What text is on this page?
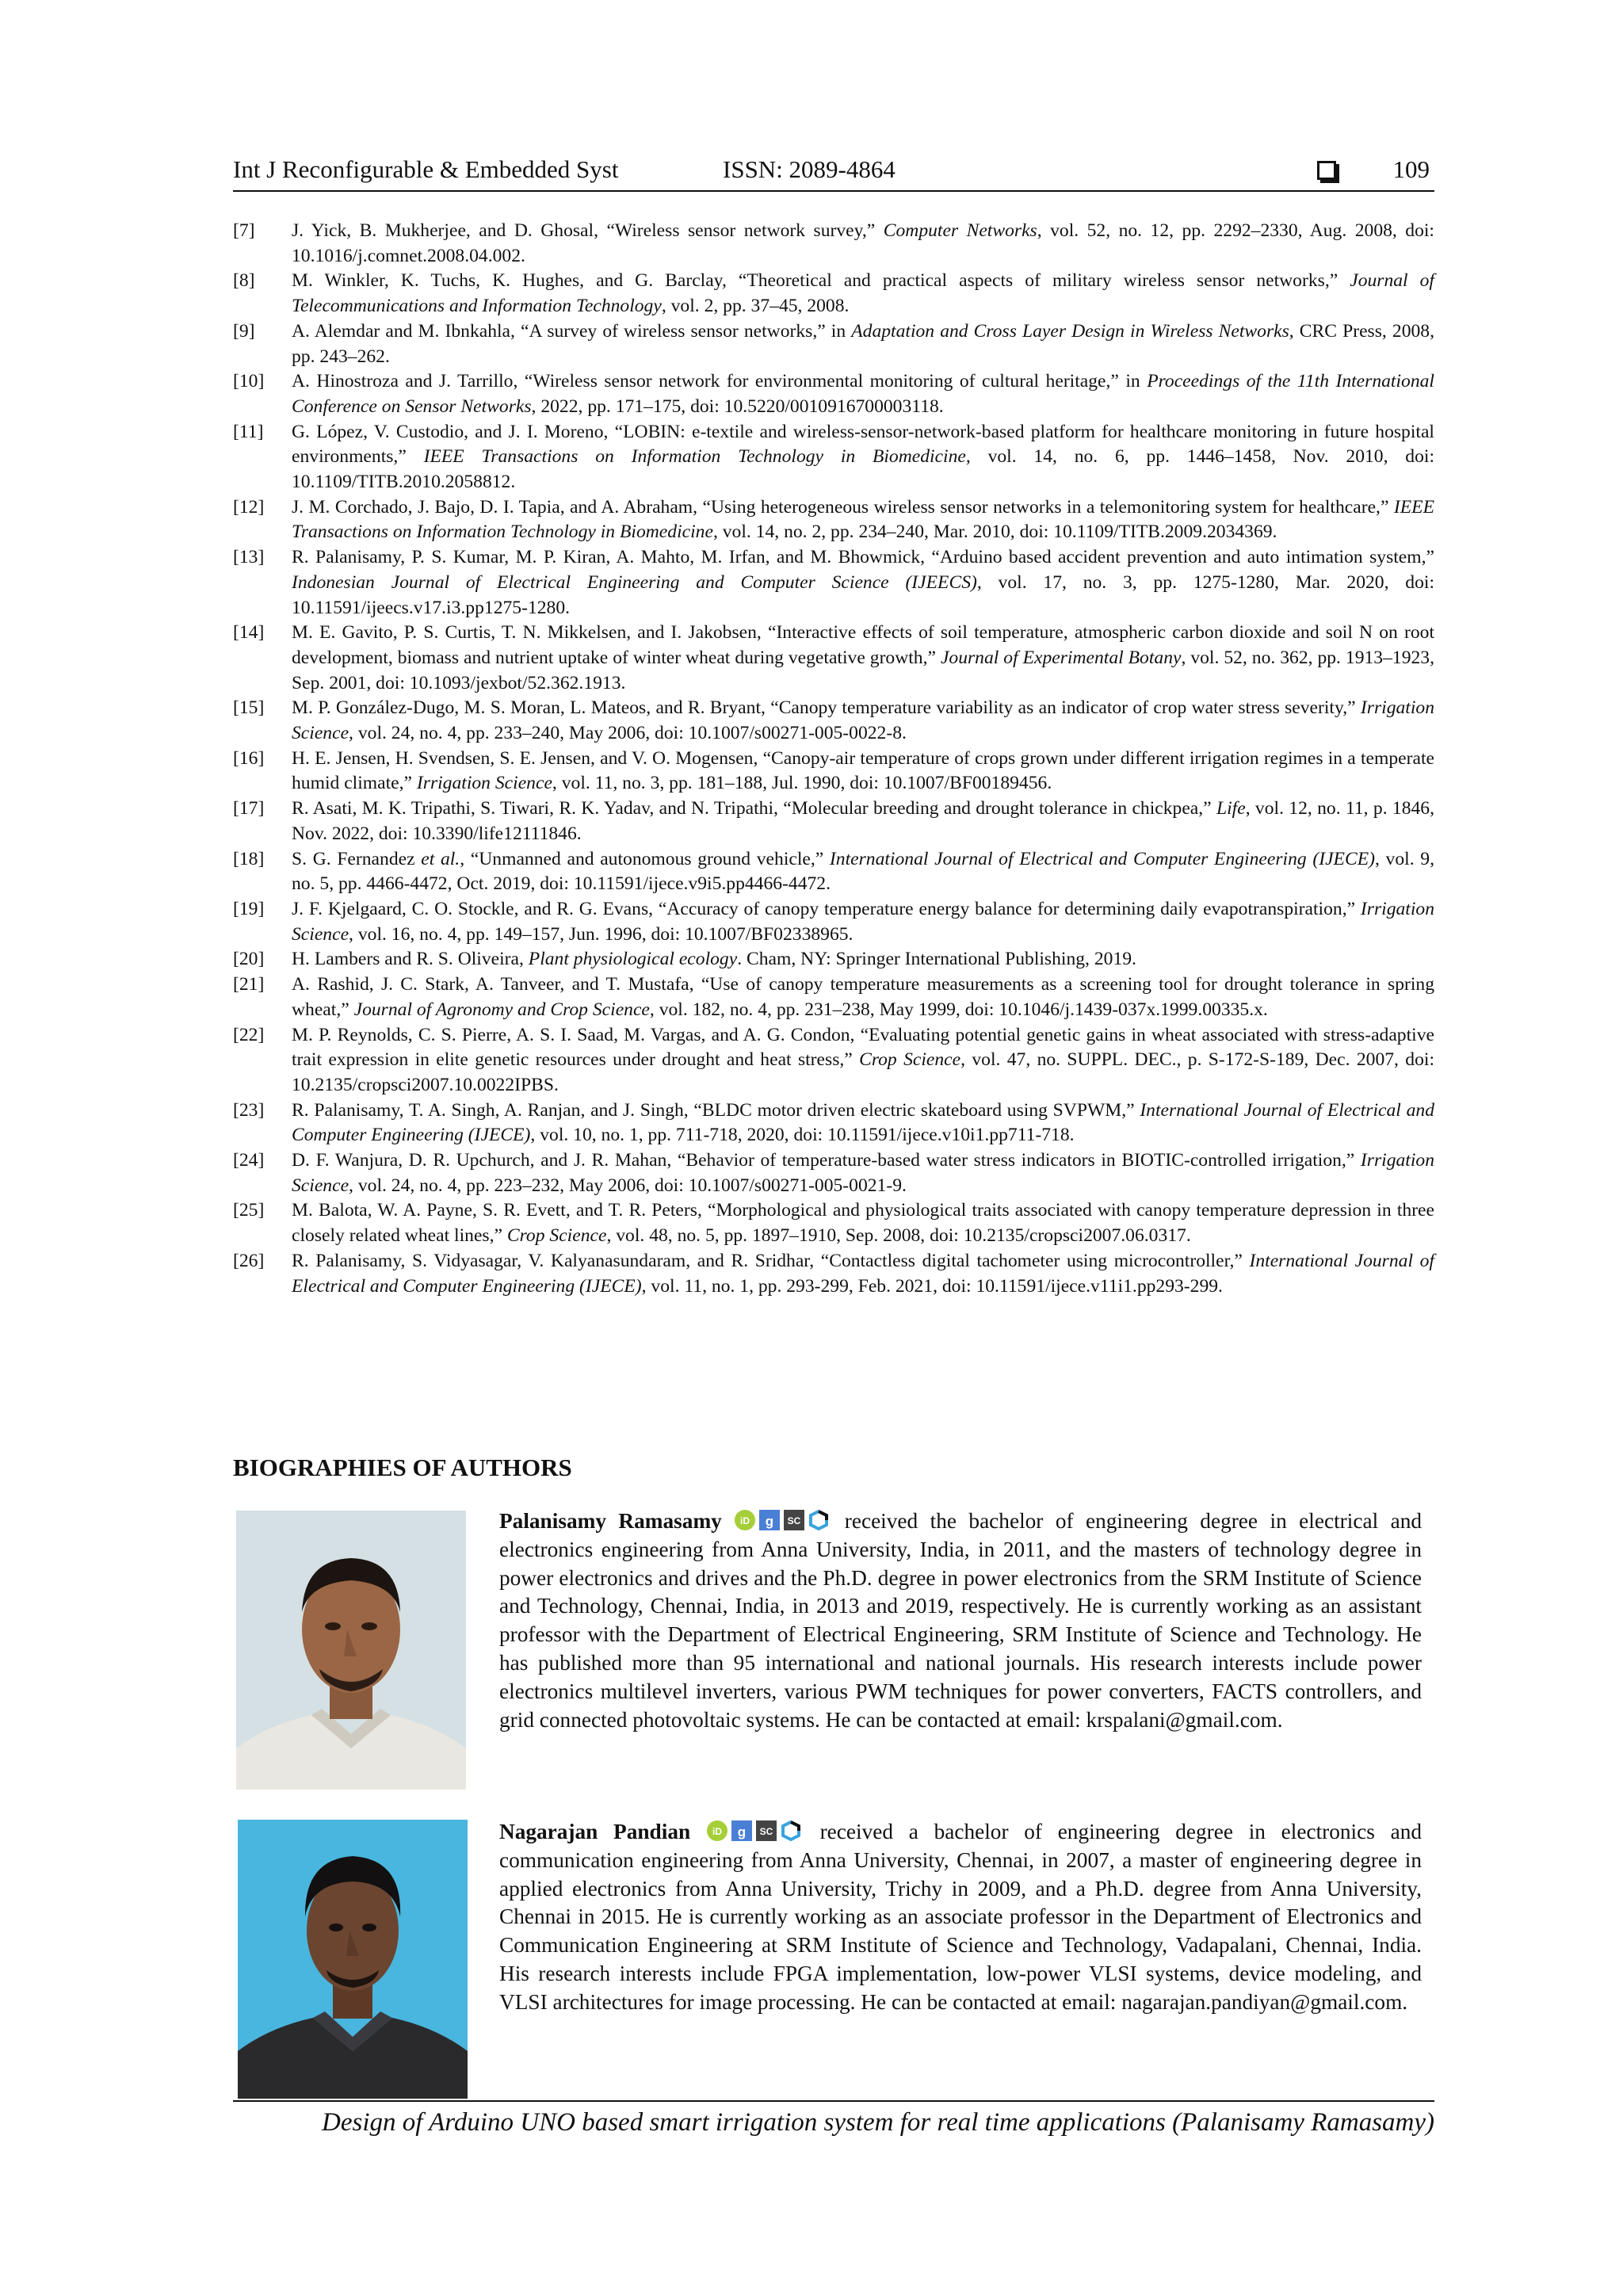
Int J Reconfigurable & Embedded Syst	ISSN: 2089-4864	109

[7] J. Yick, B. Mukherjee, and D. Ghosal, “Wireless sensor network survey,” Computer Networks, vol. 52, no. 12, pp. 2292–2330, Aug. 2008, doi: 10.1016/j.comnet.2008.04.002.

[8] M. Winkler, K. Tuchs, K. Hughes, and G. Barclay, “Theoretical and practical aspects of military wireless sensor networks,” Journal of Telecommunications and Information Technology, vol. 2, pp. 37–45, 2008.

[9] A. Alemdar and M. Ibnkahla, “A survey of wireless sensor networks,” in Adaptation and Cross Layer Design in Wireless Networks, CRC Press, 2008, pp. 243–262.

[10] A. Hinostroza and J. Tarrillo, “Wireless sensor network for environmental monitoring of cultural heritage,” in Proceedings of the 11th International Conference on Sensor Networks, 2022, pp. 171–175, doi: 10.5220/0010916700003118.

[11] G. López, V. Custodio, and J. I. Moreno, “LOBIN: e-textile and wireless-sensor-network-based platform for healthcare monitoring in future hospital environments,” IEEE Transactions on Information Technology in Biomedicine, vol. 14, no. 6, pp. 1446–1458, Nov. 2010, doi: 10.1109/TITB.2010.2058812.

[12] J. M. Corchado, J. Bajo, D. I. Tapia, and A. Abraham, “Using heterogeneous wireless sensor networks in a telemonitoring system for healthcare,” IEEE Transactions on Information Technology in Biomedicine, vol. 14, no. 2, pp. 234–240, Mar. 2010, doi: 10.1109/TITB.2009.2034369.

[13] R. Palanisamy, P. S. Kumar, M. P. Kiran, A. Mahto, M. Irfan, and M. Bhowmick, “Arduino based accident prevention and auto intimation system,” Indonesian Journal of Electrical Engineering and Computer Science (IJEECS), vol. 17, no. 3, pp. 1275-1280, Mar. 2020, doi: 10.11591/ijeecs.v17.i3.pp1275-1280.

[14] M. E. Gavito, P. S. Curtis, T. N. Mikkelsen, and I. Jakobsen, “Interactive effects of soil temperature, atmospheric carbon dioxide and soil N on root development, biomass and nutrient uptake of winter wheat during vegetative growth,” Journal of Experimental Botany, vol. 52, no. 362, pp. 1913–1923, Sep. 2001, doi: 10.1093/jexbot/52.362.1913.

[15] M. P. González-Dugo, M. S. Moran, L. Mateos, and R. Bryant, “Canopy temperature variability as an indicator of crop water stress severity,” Irrigation Science, vol. 24, no. 4, pp. 233–240, May 2006, doi: 10.1007/s00271-005-0022-8.

[16] H. E. Jensen, H. Svendsen, S. E. Jensen, and V. O. Mogensen, “Canopy-air temperature of crops grown under different irrigation regimes in a temperate humid climate,” Irrigation Science, vol. 11, no. 3, pp. 181–188, Jul. 1990, doi: 10.1007/BF00189456.

[17] R. Asati, M. K. Tripathi, S. Tiwari, R. K. Yadav, and N. Tripathi, “Molecular breeding and drought tolerance in chickpea,” Life, vol. 12, no. 11, p. 1846, Nov. 2022, doi: 10.3390/life12111846.

[18] S. G. Fernandez et al., “Unmanned and autonomous ground vehicle,” International Journal of Electrical and Computer Engineering (IJECE), vol. 9, no. 5, pp. 4466-4472, Oct. 2019, doi: 10.11591/ijece.v9i5.pp4466-4472.

[19] J. F. Kjelgaard, C. O. Stockle, and R. G. Evans, “Accuracy of canopy temperature energy balance for determining daily evapotranspiration,” Irrigation Science, vol. 16, no. 4, pp. 149–157, Jun. 1996, doi: 10.1007/BF02338965.

[20] H. Lambers and R. S. Oliveira, Plant physiological ecology. Cham, NY: Springer International Publishing, 2019.

[21] A. Rashid, J. C. Stark, A. Tanveer, and T. Mustafa, “Use of canopy temperature measurements as a screening tool for drought tolerance in spring wheat,” Journal of Agronomy and Crop Science, vol. 182, no. 4, pp. 231–238, May 1999, doi: 10.1046/j.1439-037x.1999.00335.x.

[22] M. P. Reynolds, C. S. Pierre, A. S. I. Saad, M. Vargas, and A. G. Condon, “Evaluating potential genetic gains in wheat associated with stress-adaptive trait expression in elite genetic resources under drought and heat stress,” Crop Science, vol. 47, no. SUPPL. DEC., p. S-172-S-189, Dec. 2007, doi: 10.2135/cropsci2007.10.0022IPBS.

[23] R. Palanisamy, T. A. Singh, A. Ranjan, and J. Singh, “BLDC motor driven electric skateboard using SVPWM,” International Journal of Electrical and Computer Engineering (IJECE), vol. 10, no. 1, pp. 711-718, 2020, doi: 10.11591/ijece.v10i1.pp711-718.

[24] D. F. Wanjura, D. R. Upchurch, and J. R. Mahan, “Behavior of temperature-based water stress indicators in BIOTIC-controlled irrigation,” Irrigation Science, vol. 24, no. 4, pp. 223–232, May 2006, doi: 10.1007/s00271-005-0021-9.

[25] M. Balota, W. A. Payne, S. R. Evett, and T. R. Peters, “Morphological and physiological traits associated with canopy temperature depression in three closely related wheat lines,” Crop Science, vol. 48, no. 5, pp. 1897–1910, Sep. 2008, doi: 10.2135/cropsci2007.06.0317.

[26] R. Palanisamy, S. Vidyasagar, V. Kalyanasundaram, and R. Sridhar, “Contactless digital tachometer using microcontroller,” International Journal of Electrical and Computer Engineering (IJECE), vol. 11, no. 1, pp. 293-299, Feb. 2021, doi: 10.11591/ijece.v11i1.pp293-299.

BIOGRAPHIES OF AUTHORS
Palanisamy Ramasamy iD g SC received the bachelor of engineering degree in electrical and electronics engineering from Anna University, India, in 2011, and the masters of technology degree in power electronics and drives and the Ph.D. degree in power electronics from the SRM Institute of Science and Technology, Chennai, India, in 2013 and 2019, respectively. He is currently working as an assistant professor with the Department of Electrical Engineering, SRM Institute of Science and Technology. He has published more than 95 international and national journals. His research interests include power electronics multilevel inverters, various PWM techniques for power converters, FACTS controllers, and grid connected photovoltaic systems. He can be contacted at email: krspalani@gmail.com.
Nagarajan Pandian iD g SC received a bachelor of engineering degree in electronics and communication engineering from Anna University, Chennai, in 2007, a master of engineering degree in applied electronics from Anna University, Trichy in 2009, and a Ph.D. degree from Anna University, Chennai in 2015. He is currently working as an associate professor in the Department of Electronics and Communication Engineering at SRM Institute of Science and Technology, Vadapalani, Chennai, India. His research interests include FPGA implementation, low-power VLSI systems, device modeling, and VLSI architectures for image processing. He can be contacted at email: nagarajan.pandiyan@gmail.com.
Design of Arduino UNO based smart irrigation system for real time applications (Palanisamy Ramasamy)
